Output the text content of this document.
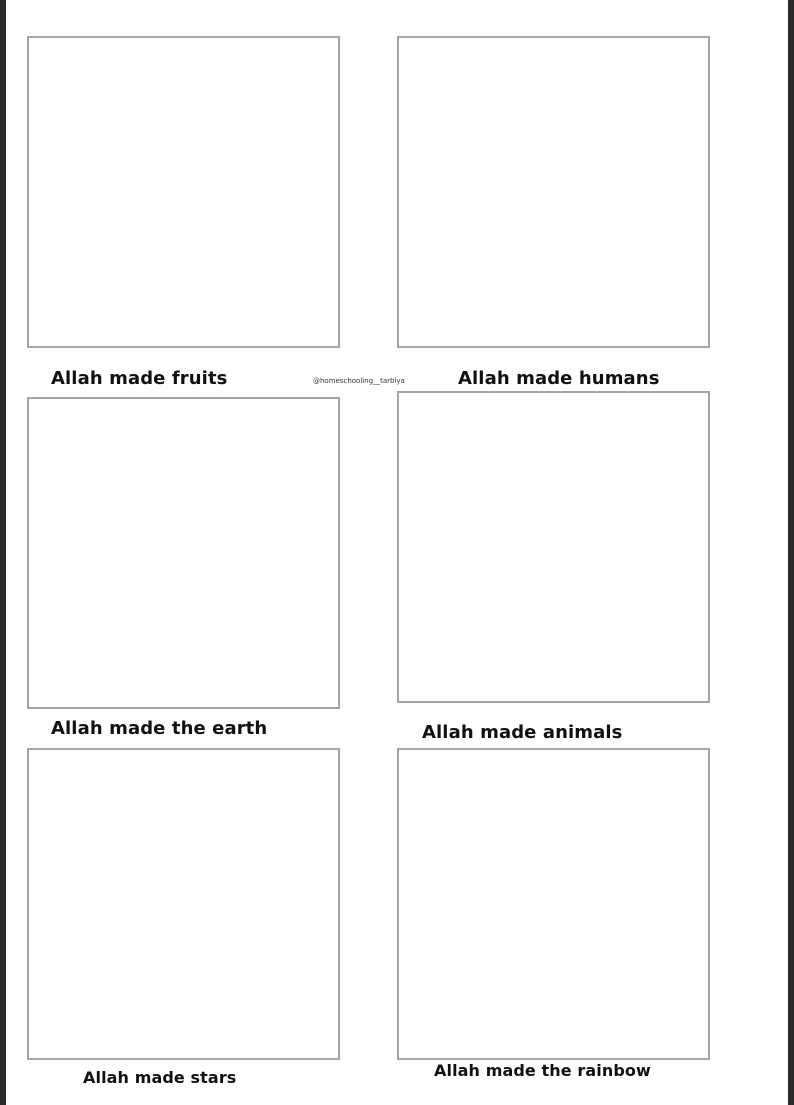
Allah made fruits	@homeschooling__tarbiya	Allah made humans
Allah made the earth	Allah made animals
Allah made stars	Allah made the rainbow
